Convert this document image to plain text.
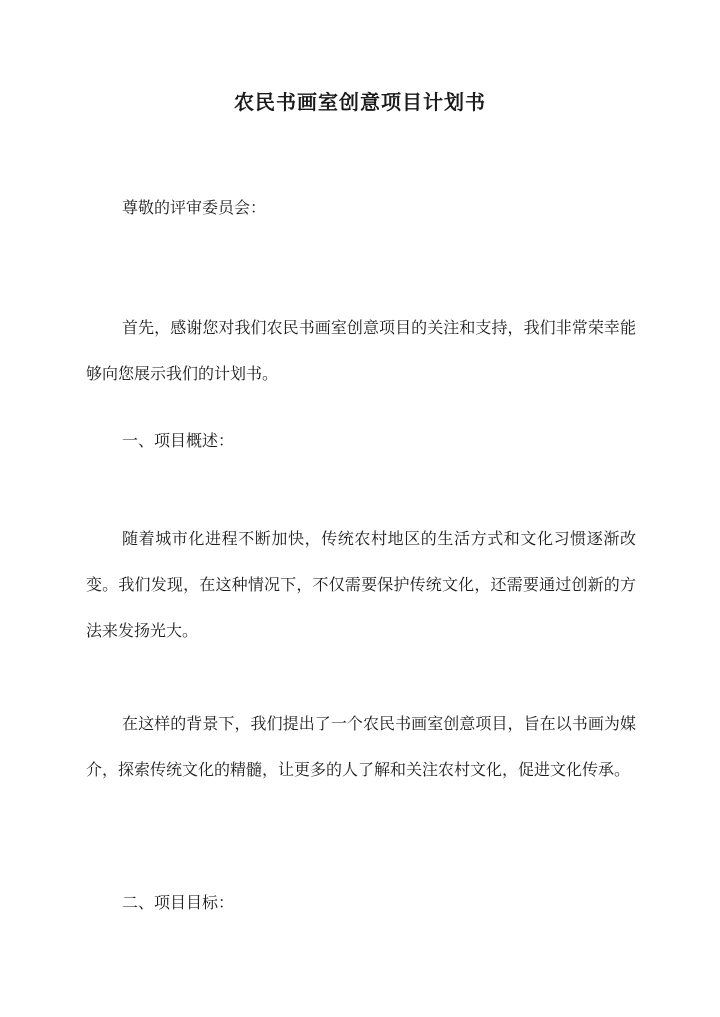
农民书画室创意项目计划书

尊敬的评审委员会：

首先，感谢您对我们农民书画室创意项目的关注和支持，我们非常荣幸能够向您展示我们的计划书。

一、项目概述：

随着城市化进程不断加快，传统农村地区的生活方式和文化习惯逐渐改变。我们发现，在这种情况下，不仅需要保护传统文化，还需要通过创新的方法来发扬光大。

在这样的背景下，我们提出了一个农民书画室创意项目，旨在以书画为媒介，探索传统文化的精髓，让更多的人了解和关注农村文化，促进文化传承。

二、项目目标：
